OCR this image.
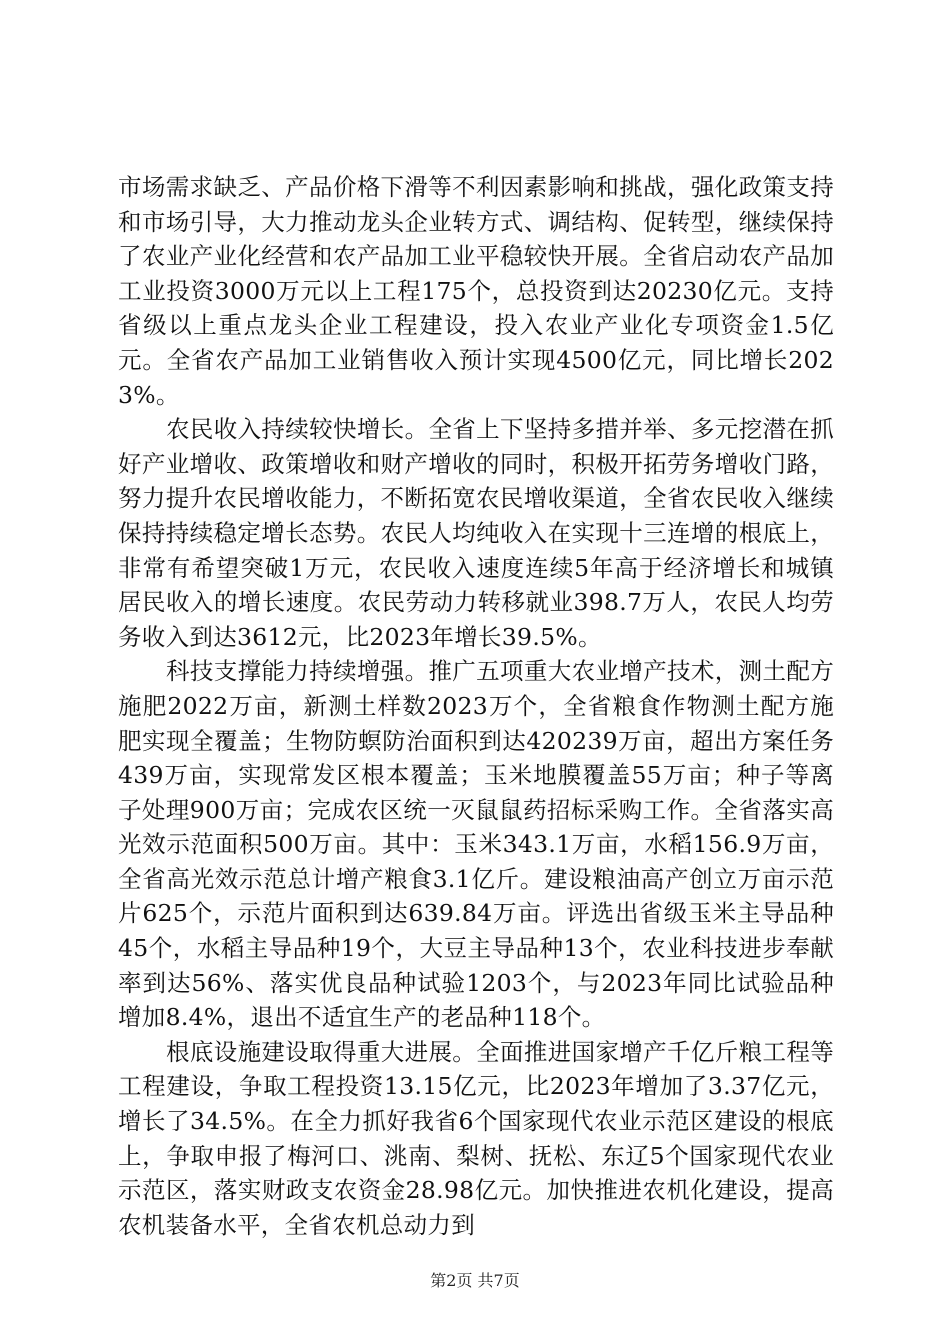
市场需求缺乏、产品价格下滑等不利因素影响和挑战，强化政策支持和市场引导，大力推动龙头企业转方式、调结构、促转型，继续保持了农业产业化经营和农产品加工业平稳较快开展。全省启动农产品加工业投资3000万元以上工程175个，总投资到达20230亿元。支持省级以上重点龙头企业工程建设，投入农业产业化专项资金1.5亿元。全省农产品加工业销售收入预计实现4500亿元，同比增长2023%。

农民收入持续较快增长。全省上下坚持多措并举、多元挖潜在抓好产业增收、政策增收和财产增收的同时，积极开拓劳务增收门路，努力提升农民增收能力，不断拓宽农民增收渠道，全省农民收入继续保持持续稳定增长态势。农民人均纯收入在实现十三连增的根底上，非常有希望突破1万元，农民收入速度连续5年高于经济增长和城镇居民收入的增长速度。农民劳动力转移就业398.7万人，农民人均劳务收入到达3612元，比2023年增长39.5%。

科技支撑能力持续增强。推广五项重大农业增产技术，测土配方施肥2022万亩，新测土样数2023万个，全省粮食作物测土配方施肥实现全覆盖；生物防螟防治面积到达420239万亩，超出方案任务439万亩，实现常发区根本覆盖；玉米地膜覆盖55万亩；种子等离子处理900万亩；完成农区统一灭鼠鼠药招标采购工作。全省落实高光效示范面积500万亩。其中：玉米343.1万亩，水稻156.9万亩，全省高光效示范总计增产粮食3.1亿斤。建设粮油高产创立万亩示范片625个，示范片面积到达639.84万亩。评选出省级玉米主导品种45个，水稻主导品种19个，大豆主导品种13个，农业科技进步奉献率到达56%、落实优良品种试验1203个，与2023年同比试验品种增加8.4%，退出不适宜生产的老品种118个。

根底设施建设取得重大进展。全面推进国家增产千亿斤粮工程等工程建设，争取工程投资13.15亿元，比2023年增加了3.37亿元，增长了34.5%。在全力抓好我省6个国家现代农业示范区建设的根底上，争取申报了梅河口、洮南、梨树、抚松、东辽5个国家现代农业示范区，落实财政支农资金28.98亿元。加快推进农机化建设，提高农机装备水平，全省农机总动力到

第2页 共7页
